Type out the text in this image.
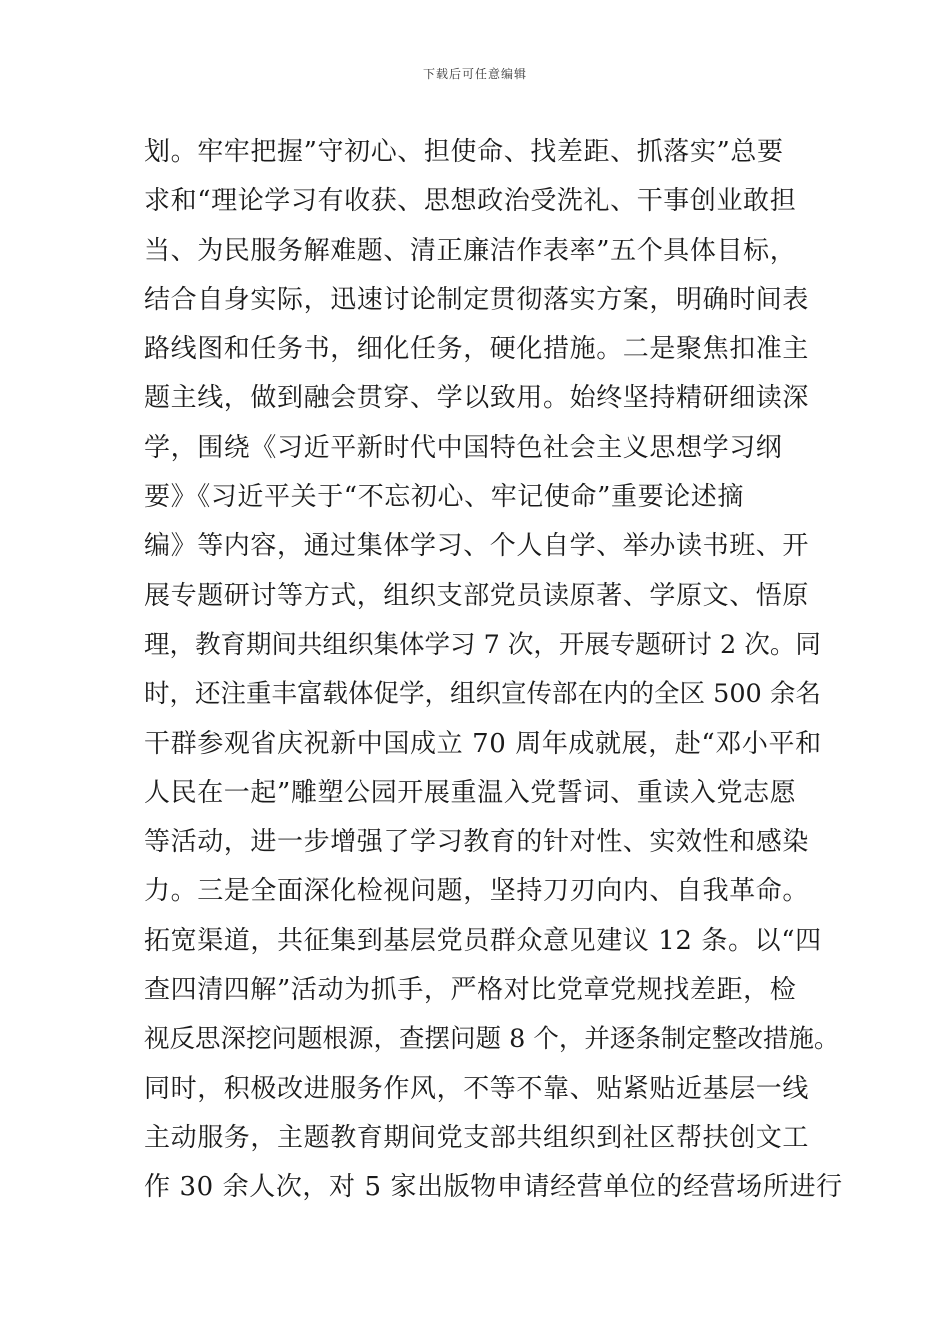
下载后可任意编辑
划。牢牢把握”守初心、担使命、找差距、抓落实”总要
求和“理论学习有收获、思想政治受洗礼、干事创业敢担
当、为民服务解难题、清正廉洁作表率”五个具体目标，
结合自身实际，迅速讨论制定贯彻落实方案，明确时间表
路线图和任务书，细化任务，硬化措施。二是聚焦扣准主
题主线，做到融会贯穿、学以致用。始终坚持精研细读深
学，围绕《习近平新时代中国特色社会主义思想学习纲
要》《习近平关于“不忘初心、牢记使命”重要论述摘
编》等内容，通过集体学习、个人自学、举办读书班、开
展专题研讨等方式，组织支部党员读原著、学原文、悟原
理，教育期间共组织集体学习 7 次，开展专题研讨 2 次。同
时，还注重丰富载体促学，组织宣传部在内的全区 500 余名
干群参观省庆祝新中国成立 70 周年成就展，赴“邓小平和
人民在一起”雕塑公园开展重温入党誓词、重读入党志愿
等活动，进一步增强了学习教育的针对性、实效性和感染
力。三是全面深化检视问题，坚持刀刃向内、自我革命。
拓宽渠道，共征集到基层党员群众意见建议 12 条。以“四
查四清四解”活动为抓手，严格对比党章党规找差距，检
视反思深挖问题根源，查摆问题 8 个，并逐条制定整改措施。
同时，积极改进服务作风，不等不靠、贴紧贴近基层一线
主动服务，主题教育期间党支部共组织到社区帮扶创文工
作 30 余人次，对 5 家出版物申请经营单位的经营场所进行
